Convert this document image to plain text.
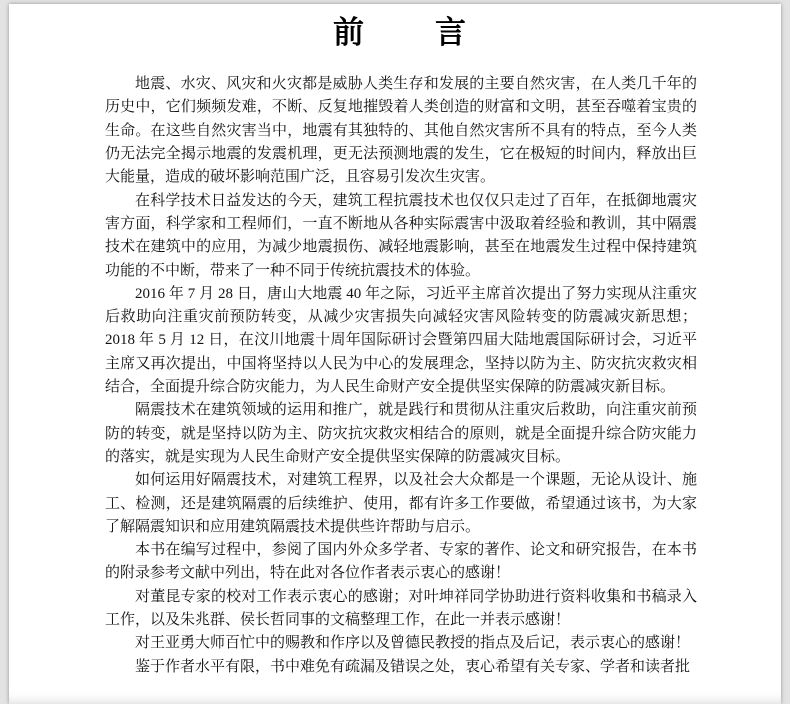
前　　言

地震、水灾、风灾和火灾都是威胁人类生存和发展的主要自然灾害，在人类几千年的历史中，它们频频发难，不断、反复地摧毁着人类创造的财富和文明，甚至吞噬着宝贵的生命。在这些自然灾害当中，地震有其独特的、其他自然灾害所不具有的特点，至今人类仍无法完全揭示地震的发震机理，更无法预测地震的发生，它在极短的时间内，释放出巨大能量，造成的破坏影响范围广泛，且容易引发次生灾害。

在科学技术日益发达的今天，建筑工程抗震技术也仅仅只走过了百年，在抵御地震灾害方面，科学家和工程师们，一直不断地从各种实际震害中汲取着经验和教训，其中隔震技术在建筑中的应用，为减少地震损伤、减轻地震影响，甚至在地震发生过程中保持建筑功能的不中断，带来了一种不同于传统抗震技术的体验。

2016 年 7 月 28 日，唐山大地震 40 年之际，习近平主席首次提出了努力实现从注重灾后救助向注重灾前预防转变，从减少灾害损失向减轻灾害风险转变的防震减灾新思想；2018 年 5 月 12 日，在汶川地震十周年国际研讨会暨第四届大陆地震国际研讨会，习近平主席又再次提出，中国将坚持以人民为中心的发展理念，坚持以防为主、防灾抗灾救灾相结合，全面提升综合防灾能力，为人民生命财产安全提供坚实保障的防震减灾新目标。

隔震技术在建筑领域的运用和推广，就是践行和贯彻从注重灾后救助，向注重灾前预防的转变，就是坚持以防为主、防灾抗灾救灾相结合的原则，就是全面提升综合防灾能力的落实，就是实现为人民生命财产安全提供坚实保障的防震减灾目标。

如何运用好隔震技术，对建筑工程界，以及社会大众都是一个课题，无论从设计、施工、检测，还是建筑隔震的后续维护、使用，都有许多工作要做，希望通过该书，为大家了解隔震知识和应用建筑隔震技术提供些许帮助与启示。

本书在编写过程中，参阅了国内外众多学者、专家的著作、论文和研究报告，在本书的附录参考文献中列出，特在此对各位作者表示衷心的感谢！

对董昆专家的校对工作表示衷心的感谢；对叶坤祥同学协助进行资料收集和书稿录入工作，以及朱兆群、侯长哲同事的文稿整理工作，在此一并表示感谢！

对王亚勇大师百忙中的赐教和作序以及曾德民教授的指点及后记，表示衷心的感谢！

鉴于作者水平有限，书中难免有疏漏及错误之处，衷心希望有关专家、学者和读者批
